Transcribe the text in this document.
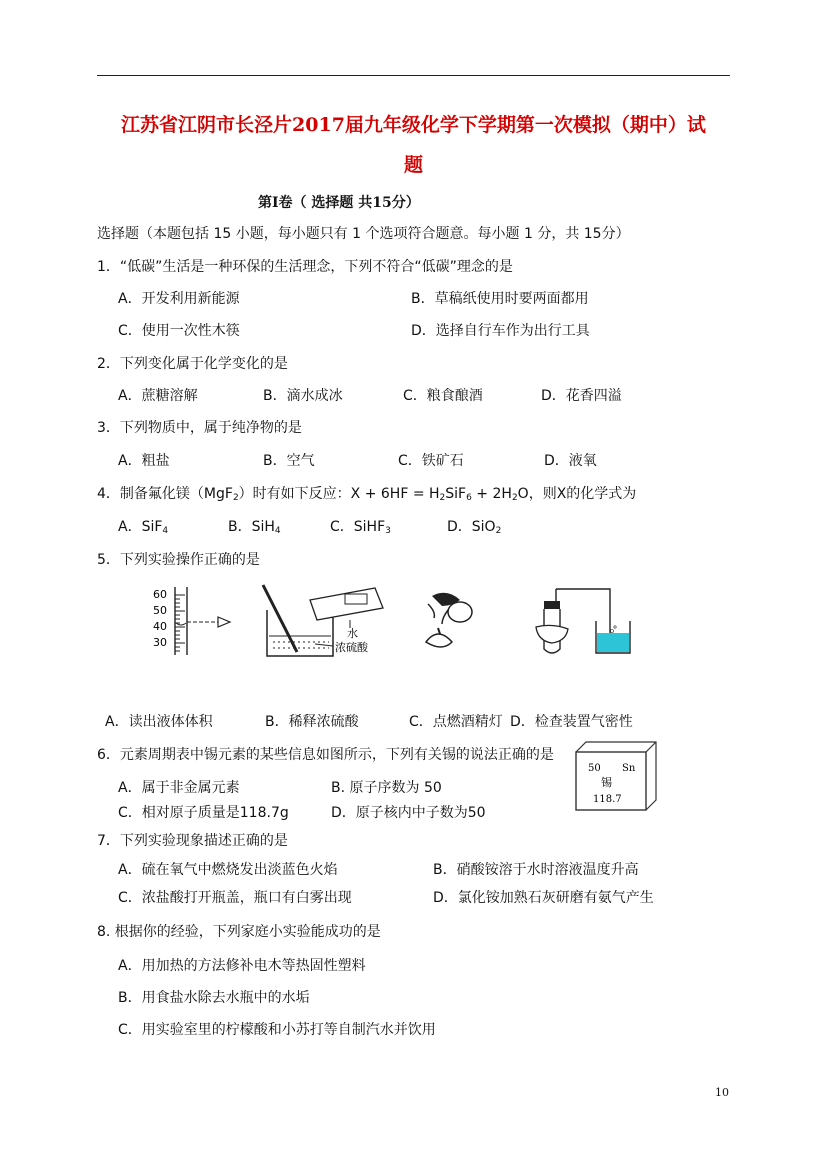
江苏省江阴市长泾片2017届九年级化学下学期第一次模拟（期中）试
题
第Ⅰ卷（ 选择题 共15分）
选择题（本题包括 15 小题，每小题只有 1 个选项符合题意。每小题 1 分，共 15分）
1．“低碳”生活是一种环保的生活理念，下列不符合“低碳”理念的是
A．开发利用新能源	B．草稿纸使用时要两面都用
C．使用一次性木筷	D．选择自行车作为出行工具
2．下列变化属于化学变化的是
A．蔗糖溶解	B．滴水成冰	C．粮食酿酒	D．花香四溢
3．下列物质中，属于纯净物的是
A．粗盐	B．空气	C．铁矿石	D．液氧
4．制备氟化镁（MgF$_2$）时有如下反应：$X + 6HF = H_2SiF_6 + 2H_2O$，则X的化学式为
A．SiF$_4$	B．SiH$_4$	C．SiHF$_3$	D．SiO$_2$
5．下列实验操作正确的是
60
50
40
30
水
浓硫酸
A．读出液体体积	B．稀释浓硫酸	C．点燃酒精灯 D．检查装置气密性
6．元素周期表中锡元素的某些信息如图所示，下列有关锡的说法正确的是
A．属于非金属元素	B. 原子序数为 50
C．相对原子质量是118.7g	D．原子核内中子数为50
50 Sn
锡
118.7
7．下列实验现象描述正确的是
A．硫在氧气中燃烧发出淡蓝色火焰	B．硝酸铵溶于水时溶液温度升高
C．浓盐酸打开瓶盖，瓶口有白雾出现	D．氯化铵加熟石灰研磨有氨气产生
8. 根据你的经验，下列家庭小实验能成功的是
A．用加热的方法修补电木等热固性塑料
B．用食盐水除去水瓶中的水垢
C．用实验室里的柠檬酸和小苏打等自制汽水并饮用
10
